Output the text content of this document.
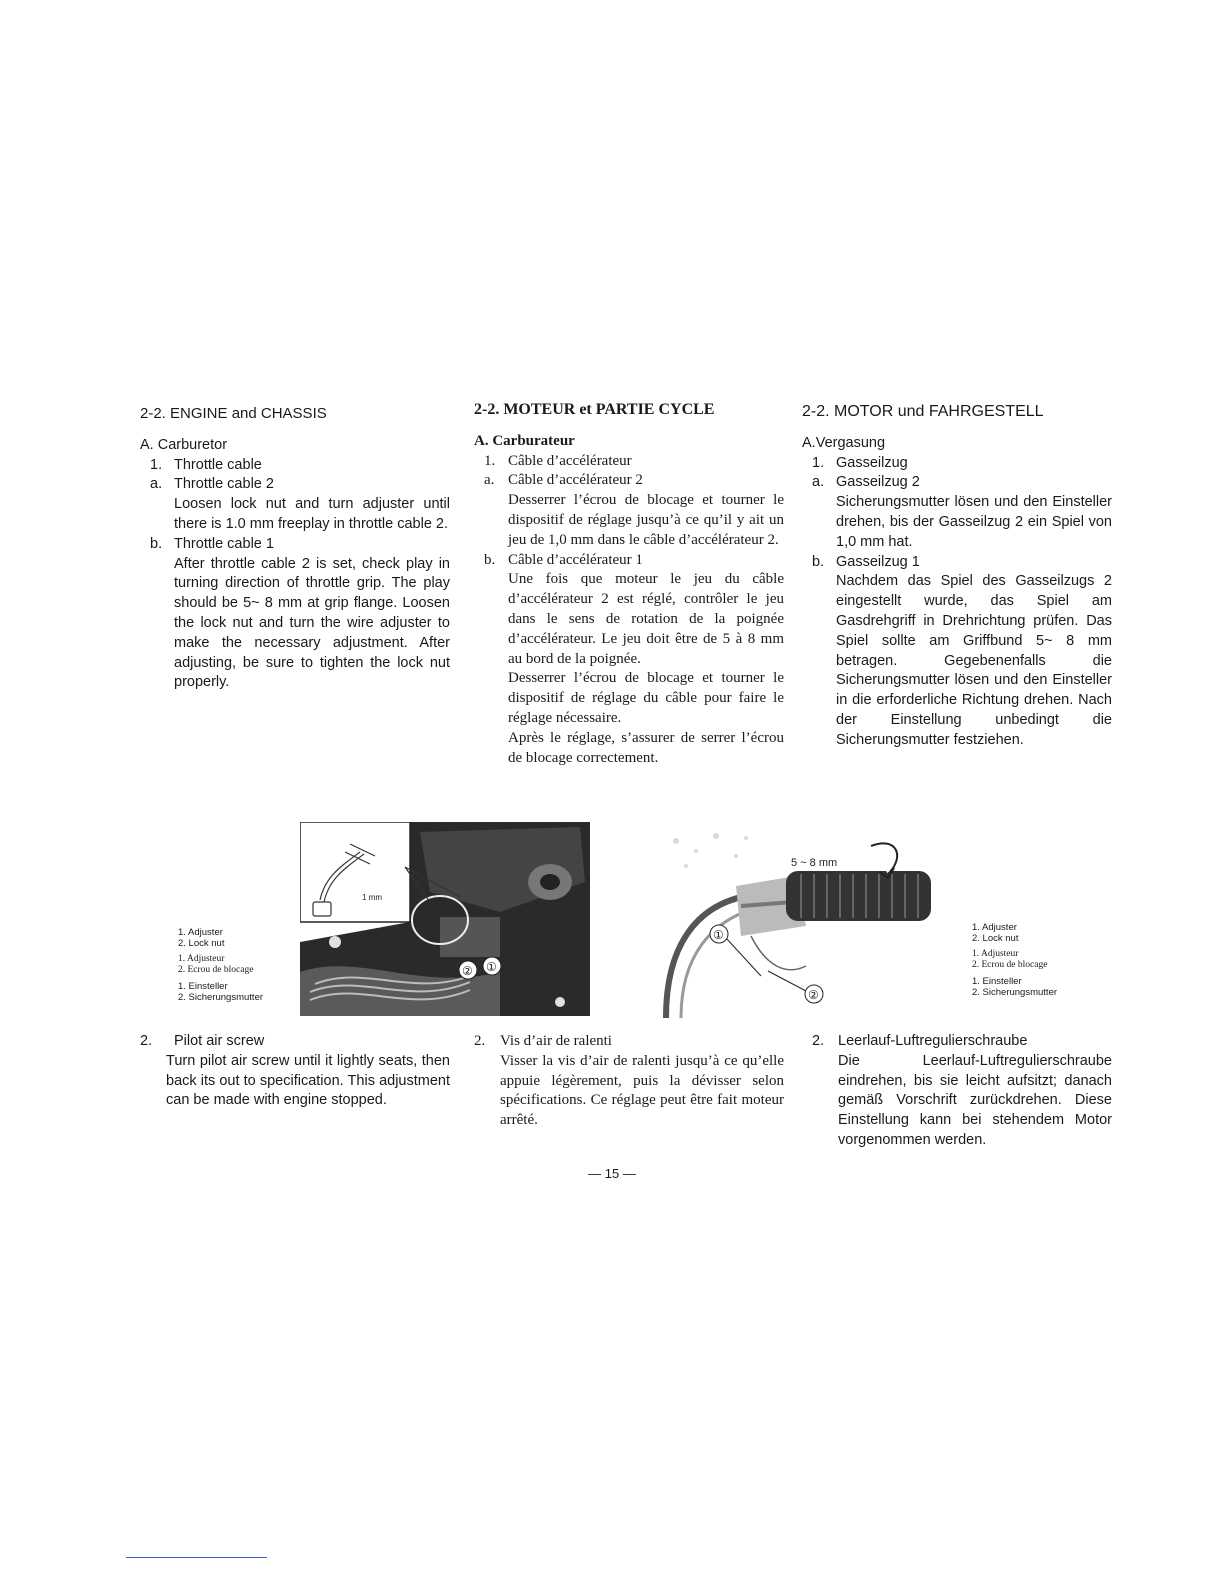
2-2. ENGINE and CHASSIS
A. Carburetor
1. Throttle cable
a. Throttle cable 2
Loosen lock nut and turn adjuster until there is 1.0 mm freeplay in throttle cable 2.
b. Throttle cable 1
After throttle cable 2 is set, check play in turning direction of throttle grip. The play should be 5~ 8 mm at grip flange. Loosen the lock nut and turn the wire adjuster to make the necessary adjustment. After adjusting, be sure to tighten the lock nut properly.
2-2. MOTEUR et PARTIE CYCLE
A. Carburateur
1. Câble d’accélérateur
a. Câble d’accélérateur 2
Desserrer l’écrou de blocage et tourner le dispositif de réglage jusqu’à ce qu’il y ait un jeu de 1,0 mm dans le câble d’accélérateur 2.
b. Câble d’accélérateur 1
Une fois que moteur le jeu du câble d’accélérateur 2 est réglé, contrôler le jeu dans le sens de rotation de la poignée d’accélérateur. Le jeu doit être de 5 à 8 mm au bord de la poignée.
Desserrer l’écrou de blocage et tourner le dispositif de réglage du câble pour faire le réglage nécessaire.
Après le réglage, s’assurer de serrer l’écrou de blocage correctement.
2-2. MOTOR und FAHRGESTELL
A.Vergasung
1. Gasseilzug
a. Gasseilzug 2
Sicherungsmutter lösen und den Einsteller drehen, bis der Gasseilzug 2 ein Spiel von 1,0 mm hat.
b. Gasseilzug 1
Nachdem das Spiel des Gasseilzugs 2 eingestellt wurde, das Spiel am Gasdrehgriff in Drehrichtung prüfen. Das Spiel sollte am Griffbund 5~ 8 mm betragen. Gegebenenfalls die Sicherungsmutter lösen und den Einsteller in die erforderliche Richtung drehen. Nach der Einstellung unbedingt die Sicherungsmutter festziehen.
1. Adjuster
2. Lock nut
1. Adjusteur
2. Ecrou de blocage
1. Einsteller
2. Sicherungsmutter
1 mm
② ①
5 ~ 8 mm
①
②
1. Adjuster
2. Lock nut
1. Adjusteur
2. Ecrou de blocage
1. Einsteller
2. Sicherungsmutter
2.	Pilot air screw
Turn pilot air screw until it lightly seats, then back its out to specification. This adjustment can be made with engine stopped.
2. Vis d’air de ralenti
Visser la vis d’air de ralenti jusqu’à ce qu’elle appuie légèrement, puis la dévisser selon spécifications. Ce réglage peut être fait moteur arrêté.
2. Leerlauf-Luftregulierschraube
Die Leerlauf-Luftregulierschraube eindrehen, bis sie leicht aufsitzt; danach gemäß Vorschrift zurückdrehen. Diese Einstellung kann bei stehendem Motor vorgenommen werden.
— 15 —
